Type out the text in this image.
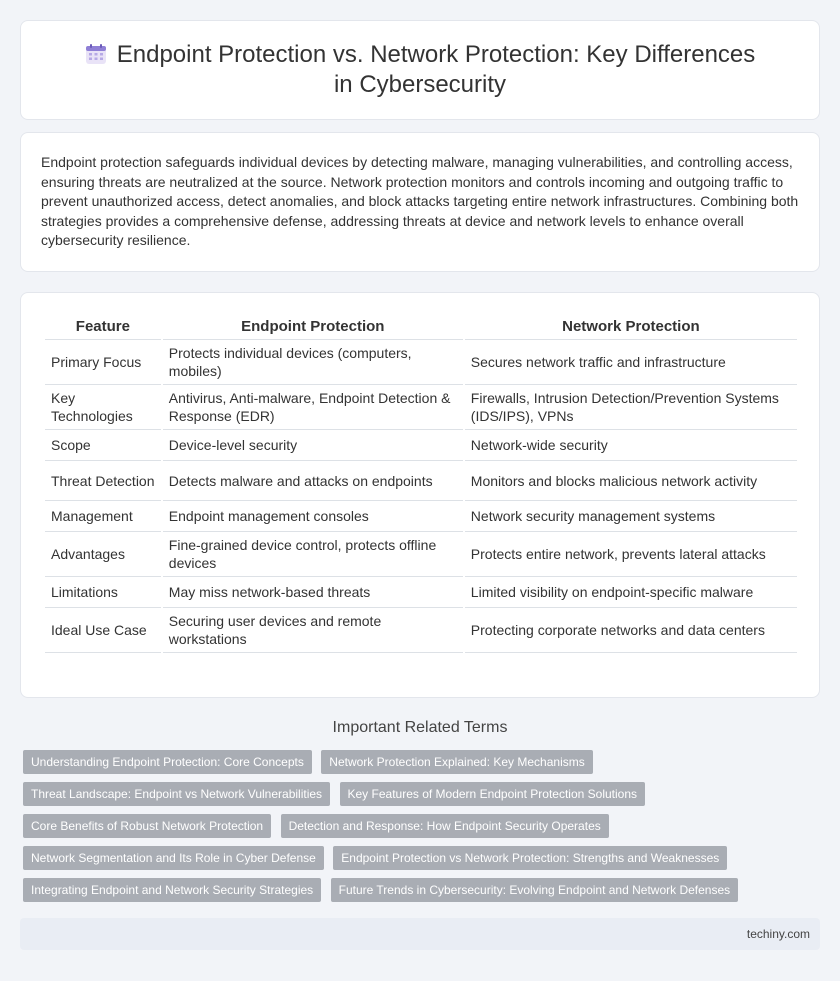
Endpoint Protection vs. Network Protection: Key Differences in Cybersecurity

Endpoint protection safeguards individual devices by detecting malware, managing vulnerabilities, and controlling access, ensuring threats are neutralized at the source. Network protection monitors and controls incoming and outgoing traffic to prevent unauthorized access, detect anomalies, and block attacks targeting entire network infrastructures. Combining both strategies provides a comprehensive defense, addressing threats at device and network levels to enhance overall cybersecurity resilience.

Feature	Endpoint Protection	Network Protection
Primary Focus	Protects individual devices (computers, mobiles)	Secures network traffic and infrastructure
Key Technologies	Antivirus, Anti-malware, Endpoint Detection & Response (EDR)	Firewalls, Intrusion Detection/Prevention Systems (IDS/IPS), VPNs
Scope	Device-level security	Network-wide security
Threat Detection	Detects malware and attacks on endpoints	Monitors and blocks malicious network activity
Management	Endpoint management consoles	Network security management systems
Advantages	Fine-grained device control, protects offline devices	Protects entire network, prevents lateral attacks
Limitations	May miss network-based threats	Limited visibility on endpoint-specific malware
Ideal Use Case	Securing user devices and remote workstations	Protecting corporate networks and data centers
Important Related Terms
Understanding Endpoint Protection: Core Concepts Network Protection Explained: Key Mechanisms
Threat Landscape: Endpoint vs Network Vulnerabilities Key Features of Modern Endpoint Protection Solutions
Core Benefits of Robust Network Protection Detection and Response: How Endpoint Security Operates
Network Segmentation and Its Role in Cyber Defense Endpoint Protection vs Network Protection: Strengths and Weaknesses
Integrating Endpoint and Network Security Strategies Future Trends in Cybersecurity: Evolving Endpoint and Network Defenses
techiny.com
